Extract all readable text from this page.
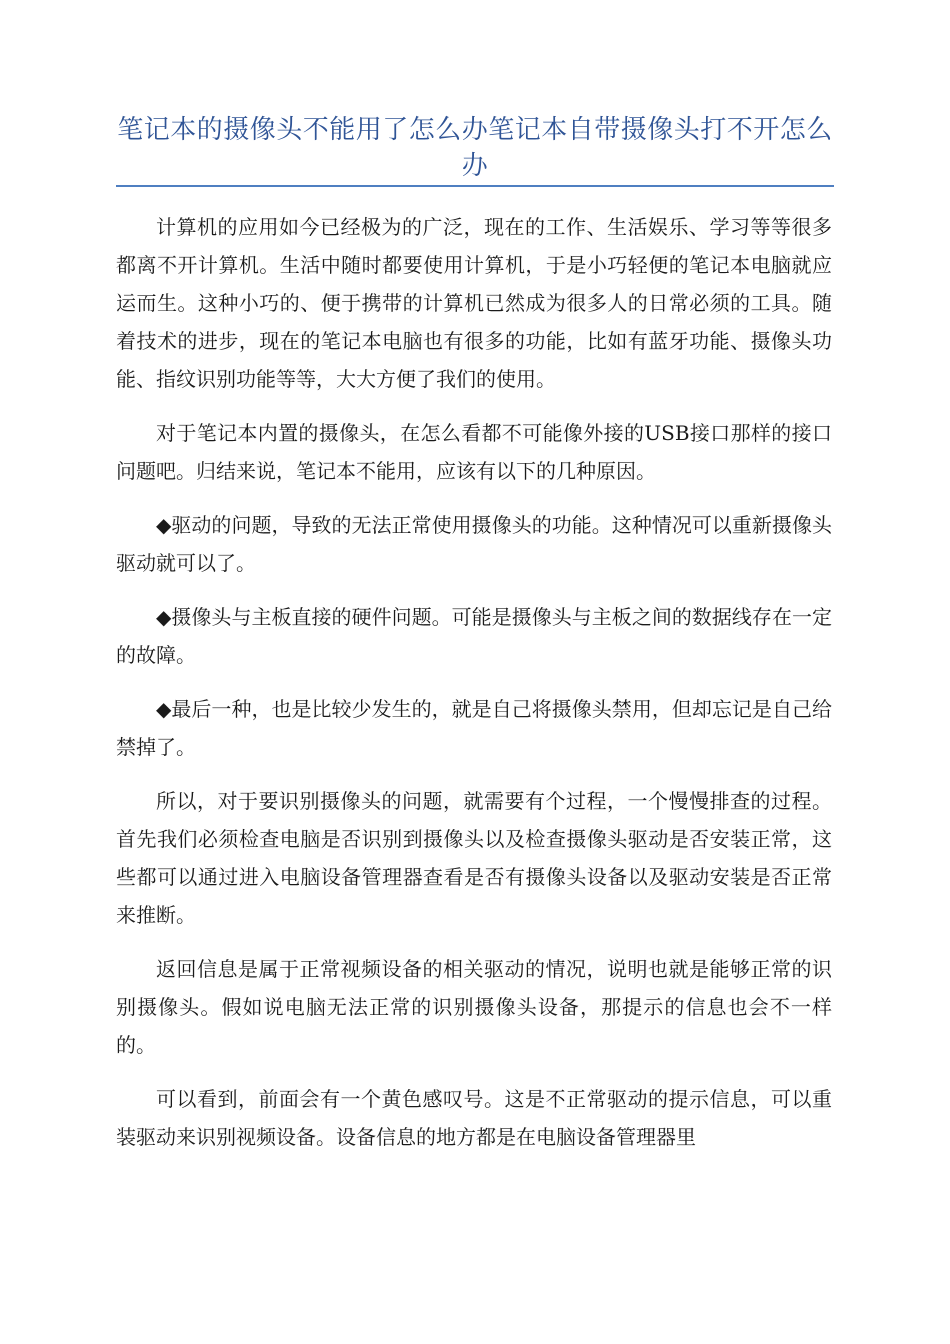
笔记本的摄像头不能用了怎么办笔记本自带摄像头打不开怎么办

计算机的应用如今已经极为的广泛，现在的工作、生活娱乐、学习等等很多都离不开计算机。生活中随时都要使用计算机，于是小巧轻便的笔记本电脑就应运而生。这种小巧的、便于携带的计算机已然成为很多人的日常必须的工具。随着技术的进步，现在的笔记本电脑也有很多的功能，比如有蓝牙功能、摄像头功能、指纹识别功能等等，大大方便了我们的使用。

对于笔记本内置的摄像头，在怎么看都不可能像外接的USB接口那样的接口问题吧。归结来说，笔记本不能用，应该有以下的几种原因。

◆驱动的问题，导致的无法正常使用摄像头的功能。这种情况可以重新摄像头驱动就可以了。

◆摄像头与主板直接的硬件问题。可能是摄像头与主板之间的数据线存在一定的故障。

◆最后一种，也是比较少发生的，就是自己将摄像头禁用，但却忘记是自己给禁掉了。

所以，对于要识别摄像头的问题，就需要有个过程，一个慢慢排查的过程。首先我们必须检查电脑是否识别到摄像头以及检查摄像头驱动是否安装正常，这些都可以通过进入电脑设备管理器查看是否有摄像头设备以及驱动安装是否正常来推断。

返回信息是属于正常视频设备的相关驱动的情况，说明也就是能够正常的识别摄像头。假如说电脑无法正常的识别摄像头设备，那提示的信息也会不一样的。

可以看到，前面会有一个黄色感叹号。这是不正常驱动的提示信息，可以重装驱动来识别视频设备。设备信息的地方都是在电脑设备管理器里
